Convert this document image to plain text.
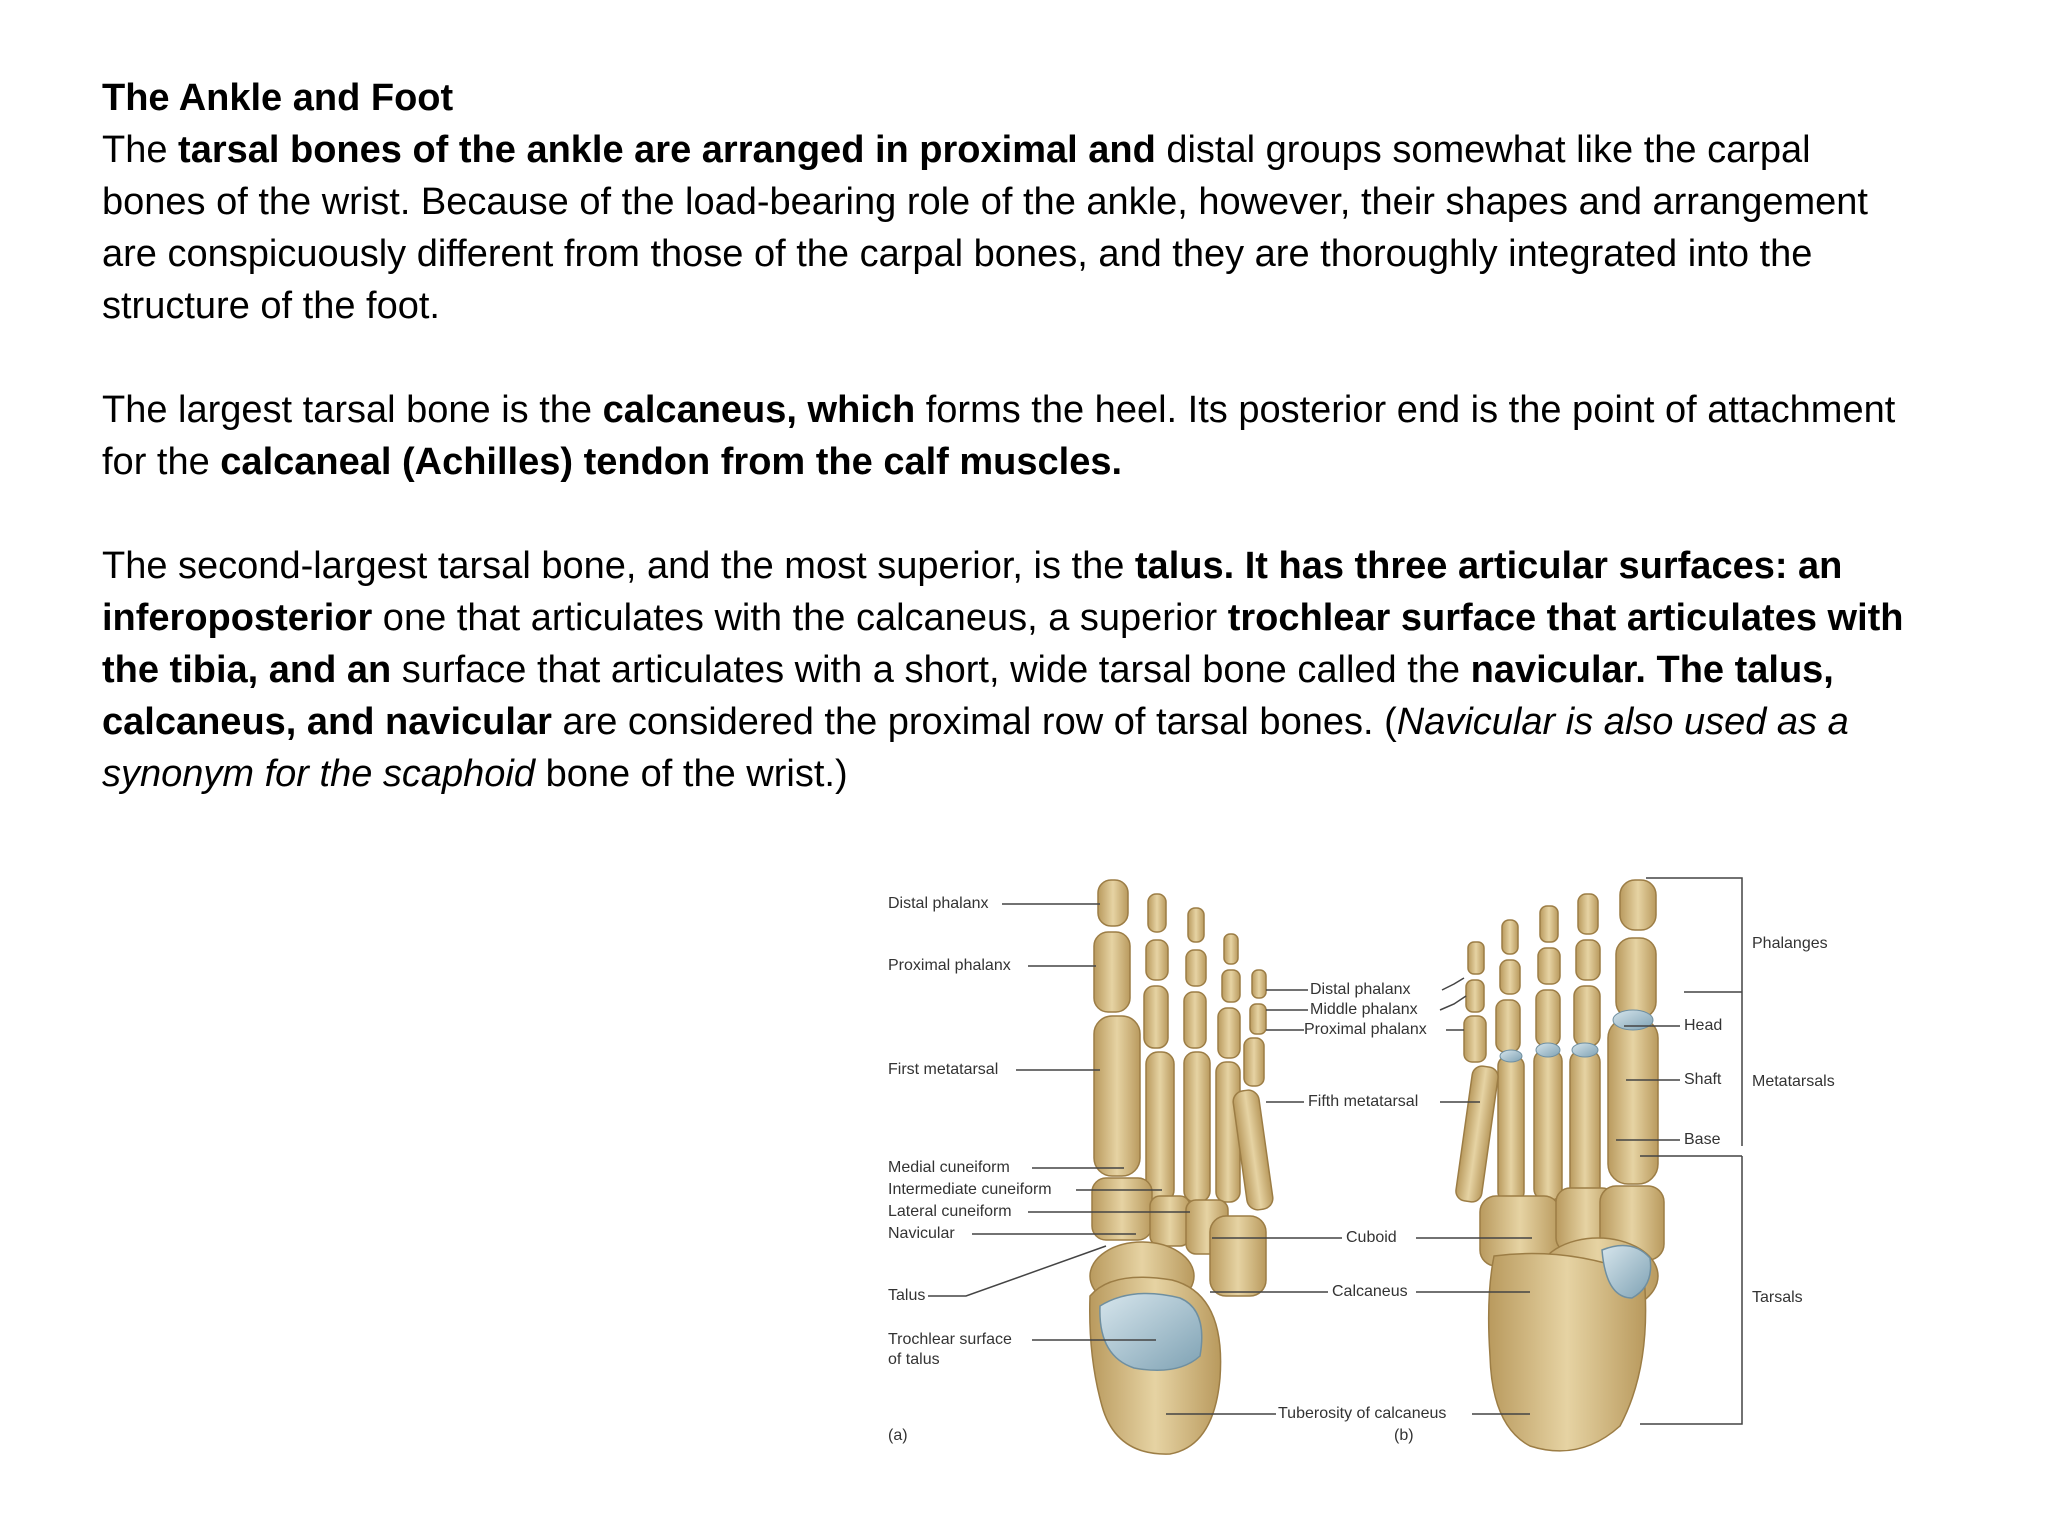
The Ankle and Foot

The tarsal bones of the ankle are arranged in proximal and distal groups somewhat like the carpal bones of the wrist. Because of the load-bearing role of the ankle, however, their shapes and arrangement are conspicuously different from those of the carpal bones, and they are thoroughly integrated into the structure of the foot.

The largest tarsal bone is the calcaneus, which forms the heel. Its posterior end is the point of attachment for the calcaneal (Achilles) tendon from the calf muscles.

The second-largest tarsal bone, and the most superior, is the talus. It has three articular surfaces: an inferoposterior one that articulates with the calcaneus, a superior trochlear surface that articulates with the tibia, and an surface that articulates with a short, wide tarsal bone called the navicular. The talus, calcaneus, and navicular are considered the proximal row of tarsal bones. (Navicular is also used as a synonym for the scaphoid bone of the wrist.)

Distal phalanx
Proximal phalanx
First metatarsal
Medial cuneiform
Intermediate cuneiform
Lateral cuneiform
Navicular
Talus
Trochlear surface
of talus
(a)
Distal phalanx
Middle phalanx
Proximal phalanx
Fifth metatarsal
Cuboid
Calcaneus
Tuberosity of calcaneus
Head
Shaft
Base
Phalanges
Metatarsals
Tarsals
(b)
